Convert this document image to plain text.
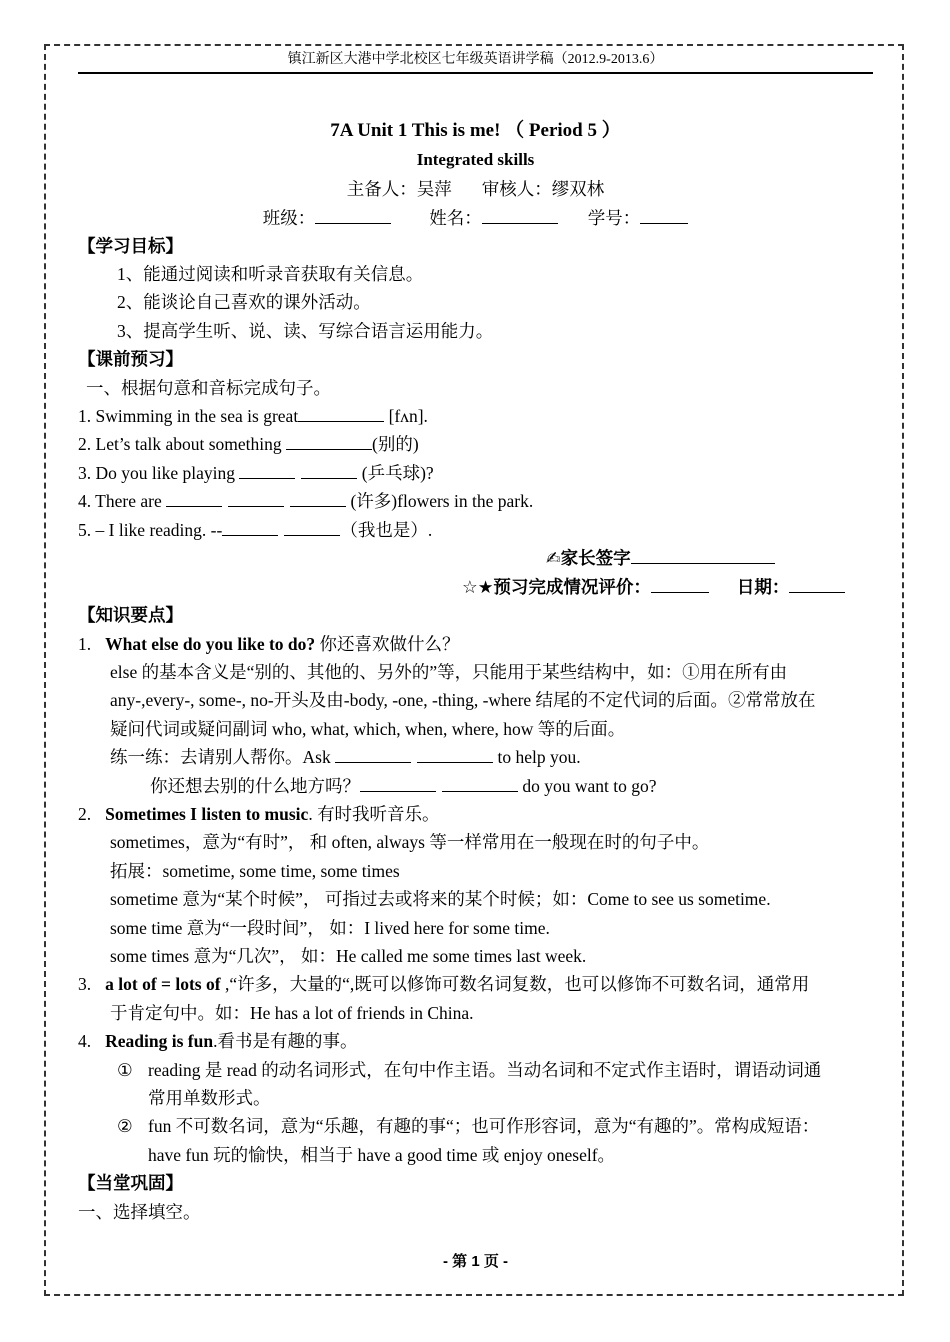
镇江新区大港中学北校区七年级英语讲学稿（2012.9-2013.6）
7A Unit 1 This is me! （ Period 5 ）
Integrated skills
主备人：吴萍 审核人：缪双林
班级：	姓名：	学号：
【学习目标】
1、能通过阅读和听录音获取有关信息。
2、能谈论自己喜欢的课外活动。
3、提高学生听、说、读、写综合语言运用能力。
【课前预习】
一、根据句意和音标完成句子。
1. Swimming in the sea is great	[fʌn].
2. Let’s talk about something	(别的)
3. Do you like playing	(乒乓球)?
4. There are	(许多)flowers in the park.
5. – I like reading. --	（我也是）.
✍家长签字
☆★预习完成情况评价：	日期：
【知识要点】
1. What else do you like to do? 你还喜欢做什么？
else 的基本含义是“别的、其他的、另外的”等，只能用于某些结构中，如：①用在所有由
any-,every-, some-, no-开头及由-body, -one, -thing, -where 结尾的不定代词的后面。②常常放在
疑问代词或疑问副词 who, what, which, when, where, how 等的后面。
练一练：去请别人帮你。Ask	to help you.
你还想去别的什么地方吗？	do you want to go?
2. Sometimes I listen to music. 有时我听音乐。
sometimes，意为“有时”， 和 often, always 等一样常用在一般现在时的句子中。
拓展：sometime, some time, some times
sometime 意为“某个时候”， 可指过去或将来的某个时候；如：Come to see us sometime.
some time 意为“一段时间”， 如：I lived here for some time.
some times 意为“几次”， 如：He called me some times last week.
3. a lot of = lots of ,“许多，大量的“,既可以修饰可数名词复数，也可以修饰不可数名词，通常用
于肯定句中。如：He has a lot of friends in China.
4. Reading is fun.看书是有趣的事。
① reading 是 read 的动名词形式，在句中作主语。当动名词和不定式作主语时，谓语动词通
常用单数形式。
② fun 不可数名词，意为“乐趣，有趣的事“；也可作形容词，意为“有趣的”。常构成短语：
have fun 玩的愉快，相当于 have a good time 或 enjoy oneself。
【当堂巩固】
一、选择填空。
- 第 1 页 -
